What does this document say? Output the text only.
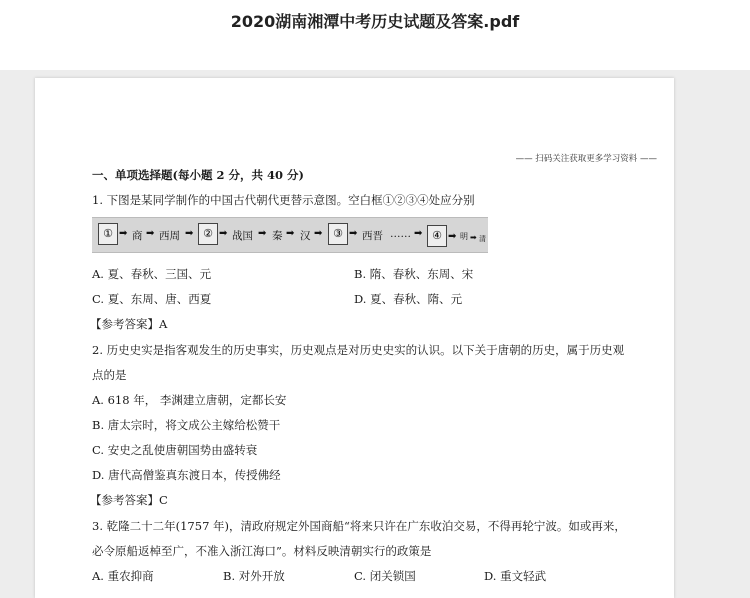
2020湖南湘潭中考历史试题及答案.pdf
—— 扫码关注获取更多学习资料 ——
一、单项选择题(每小题 2 分，共 40 分)
1. 下图是某同学制作的中国古代朝代更替示意图。空白框①②③④处应分别
① ➡ 商 ➡ 西周 ➡ ② ➡ 战国 ➡ 秦 ➡ 汉 ➡ ③ ➡ 西晋 …… ➡ ④ ➡ 明 ➡ 清
A. 夏、春秋、三国、元	B. 隋、春秋、东周、宋
C. 夏、东周、唐、西夏	D. 夏、春秋、隋、元
【参考答案】A
2. 历史史实是指客观发生的历史事实，历史观点是对历史史实的认识。以下关于唐朝的历史，属于历史观
点的是
A. 618 年， 李渊建立唐朝，定都长安
B. 唐太宗时，将文成公主嫁给松赞干
C. 安史之乱使唐朝国势由盛转衰
D. 唐代高僧鉴真东渡日本，传授佛经
【参考答案】C
3. 乾隆二十二年(1757 年)，清政府规定外国商船“将来只许在广东收泊交易，不得再轮宁波。如或再来，
必令原船返棹至广，不准入浙江海口”。材料反映清朝实行的政策是
A. 重农抑商	B. 对外开放	C. 闭关锁国	D. 重文轻武
